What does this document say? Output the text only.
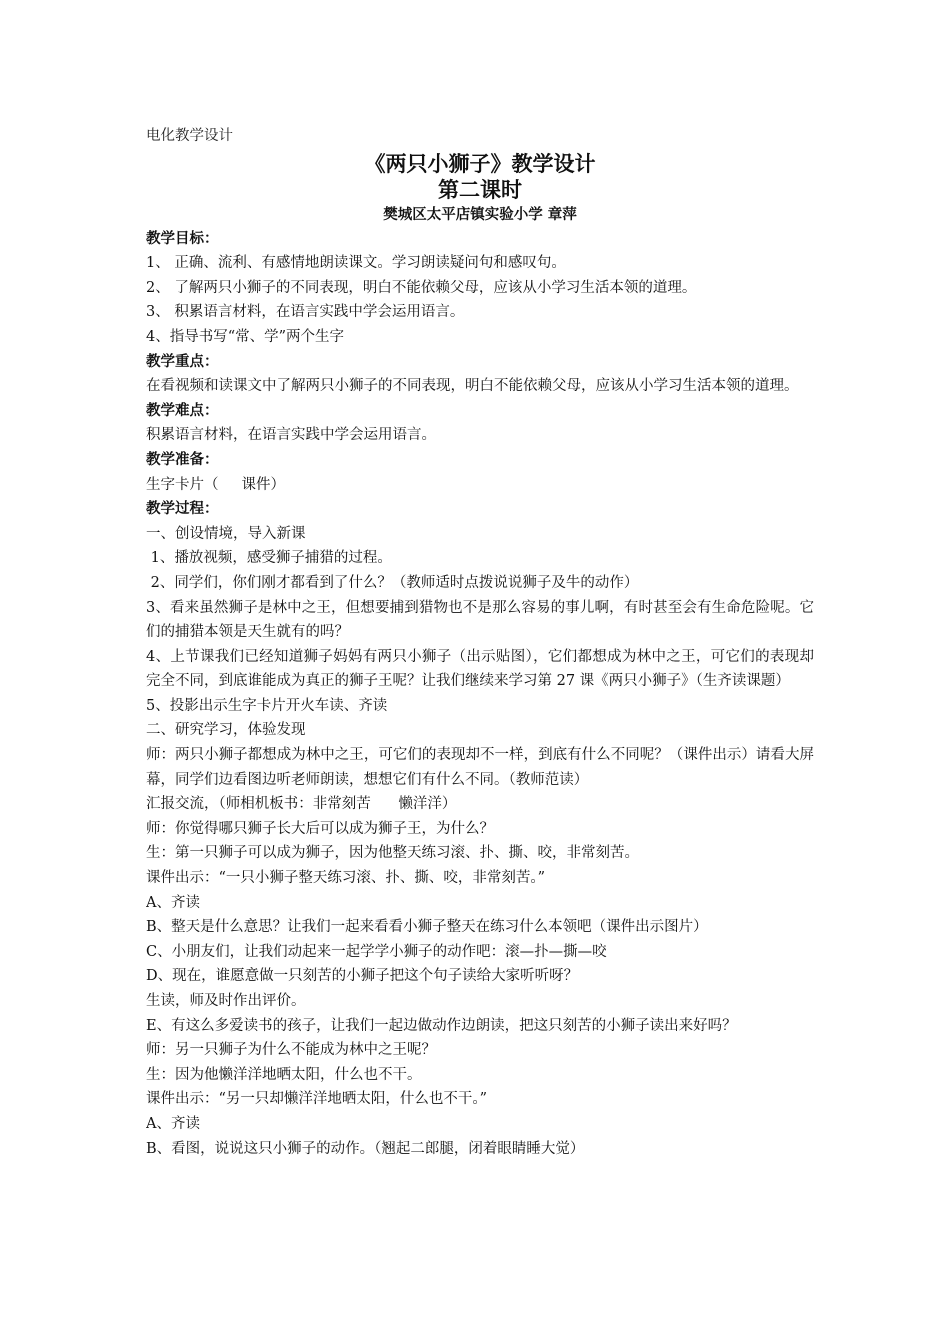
电化教学设计
《两只小狮子》教学设计
第二课时
樊城区太平店镇实验小学 章萍
教学目标：
1、 正确、流利、有感情地朗读课文。学习朗读疑问句和感叹句。
2、 了解两只小狮子的不同表现，明白不能依赖父母，应该从小学习生活本领的道理。
3、 积累语言材料，在语言实践中学会运用语言。
4、指导书写“常、学”两个生字
教学重点：
在看视频和读课文中了解两只小狮子的不同表现，明白不能依赖父母，应该从小学习生活本领的道理。
教学难点：
积累语言材料，在语言实践中学会运用语言。
教学准备：
生字卡片（     课件）
教学过程：
一、创设情境，导入新课
1、播放视频，感受狮子捕猎的过程。
2、同学们，你们刚才都看到了什么？（教师适时点拨说说狮子及牛的动作）
3、看来虽然狮子是林中之王，但想要捕到猎物也不是那么容易的事儿啊，有时甚至会有生命危险呢。它们的捕猎本领是天生就有的吗？
4、上节课我们已经知道狮子妈妈有两只小狮子（出示贴图），它们都想成为林中之王，可它们的表现却完全不同，到底谁能成为真正的狮子王呢？让我们继续来学习第 27 课《两只小狮子》（生齐读课题）
5、投影出示生字卡片开火车读、齐读
二、研究学习，体验发现
师：两只小狮子都想成为林中之王，可它们的表现却不一样，到底有什么不同呢？（课件出示）请看大屏幕，同学们边看图边听老师朗读，想想它们有什么不同。（教师范读）
汇报交流，（师相机板书：非常刻苦      懒洋洋）
师：你觉得哪只狮子长大后可以成为狮子王，为什么？
生：第一只狮子可以成为狮子，因为他整天练习滚、扑、撕、咬，非常刻苦。
课件出示：“一只小狮子整天练习滚、扑、撕、咬，非常刻苦。”
A、齐读
B、整天是什么意思？让我们一起来看看小狮子整天在练习什么本领吧（课件出示图片）
C、小朋友们，让我们动起来一起学学小狮子的动作吧：滚—扑—撕—咬
D、现在，谁愿意做一只刻苦的小狮子把这个句子读给大家听听呀？
生读，师及时作出评价。
E、有这么多爱读书的孩子，让我们一起边做动作边朗读，把这只刻苦的小狮子读出来好吗？
师：另一只狮子为什么不能成为林中之王呢？
生：因为他懒洋洋地晒太阳，什么也不干。
课件出示：“另一只却懒洋洋地晒太阳，什么也不干。”
A、齐读
B、看图，说说这只小狮子的动作。（翘起二郎腿，闭着眼睛睡大觉）
